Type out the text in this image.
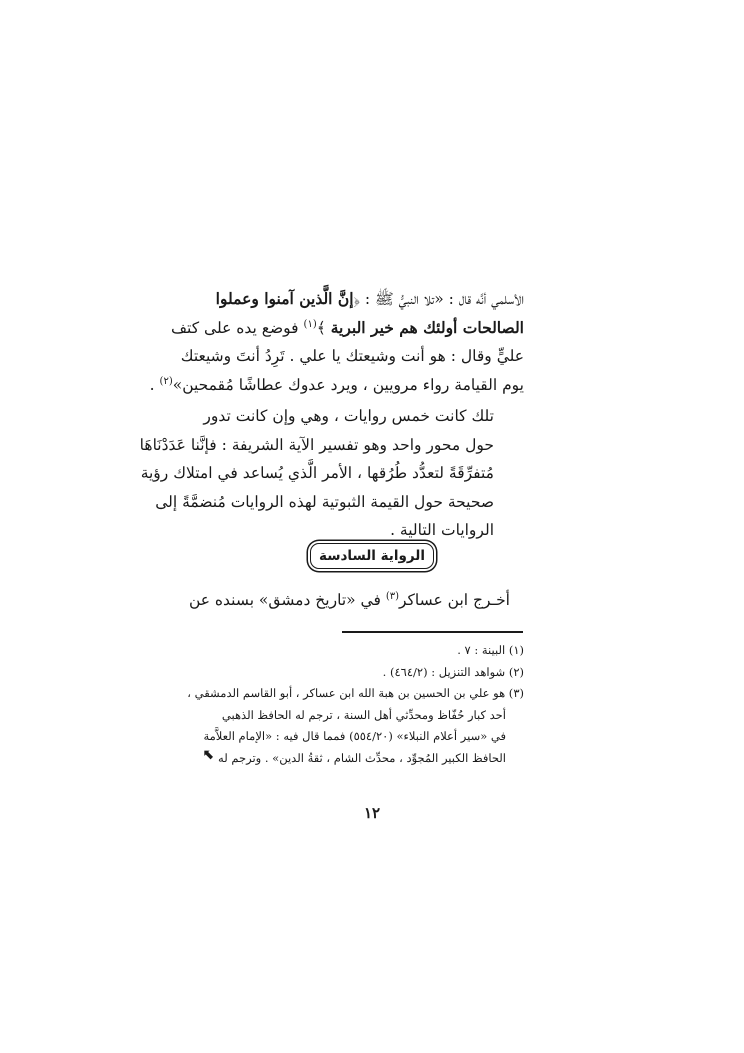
الأسلمي أنَّه قال : «تلا النبيُّ ﷺ : ﴿إنَّ الَّذين آمنوا وعملوا
الصالحات أولئك هم خير البرية ﴾$^{(١)}$ فوضع يده على كتف
عليٍّ وقال : هو أنت وشيعتك يا علي . تَرِدُ أنتَ وشيعتك
يوم القيامة رواء مرويين ، ويرد عدوك عطاشًا مُقمحين»$^{(٢)}$ .
تلك كانت خمس روايات ، وهي وإن كانت تدور
حول محور واحد وهو تفسير الآية الشريفة : فإنَّنا عَدَدْنَاهَا
مُتفرِّقَةً لتعدُّد طُرُقها ، الأمر الَّذي يُساعد في امتلاك رؤية
صحيحة حول القيمة الثبوتية لهذه الروايات مُنضمَّةً إلى
الروايات التالية .
الرواية السادسة
أخـرج ابن عساكر$^{(٣)}$ في «تاريخ دمشق» بسنده عن
(١) البينة : ٧ .
(٢) شواهد التنزيل : (٤٦٤/٢) .
(٣) هو علي بن الحسين بن هبة الله ابن عساكر ، أبو القاسم الدمشقي ،
أحد كبار حُفّاظ ومحدِّثي أهل السنة ، ترجم له الحافظ الذهبي
في «سير أعلام النبلاء» (٥٥٤/٢٠) فمما قال فيه : «الإمام العلاَّمة
الحافظ الكبير المُجوِّد ، محدِّث الشام ، ثقةُ الدين» . وترجم له
⬉
١٢
